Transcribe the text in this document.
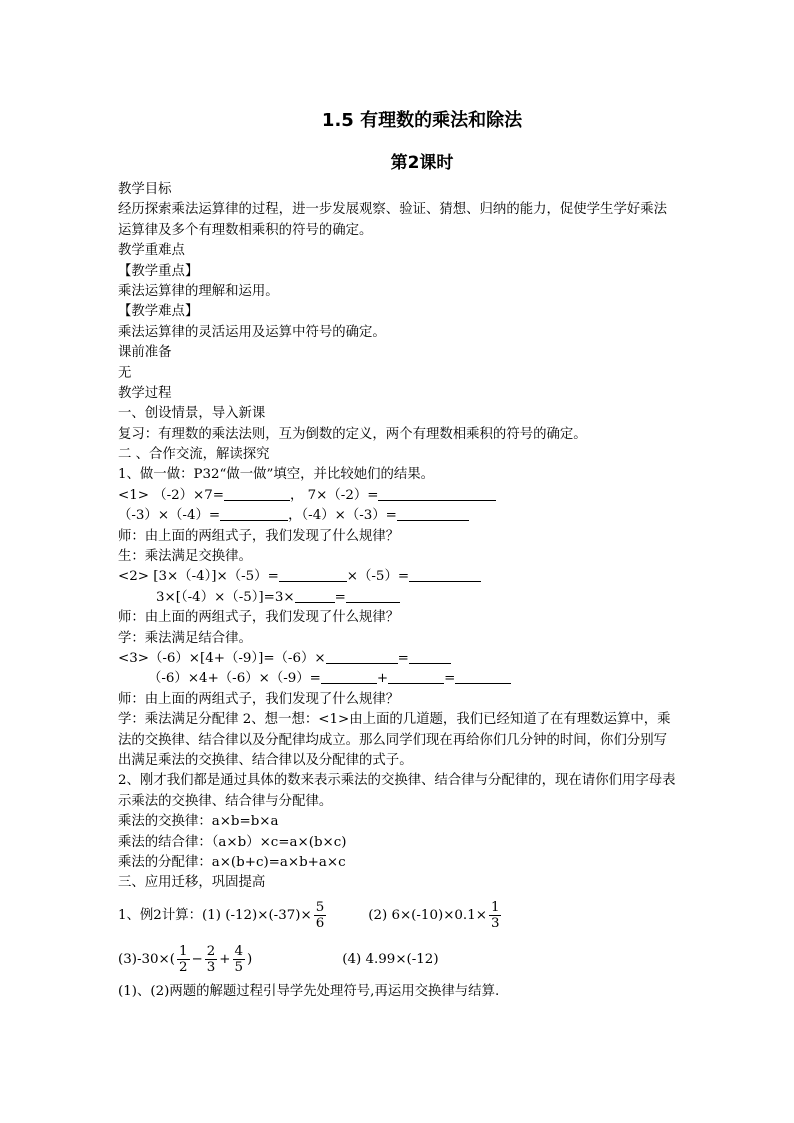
1.5 有理数的乘法和除法
第2课时
教学目标
经历探索乘法运算律的过程，进一步发展观察、验证、猜想、归纳的能力，促使学生学好乘法运算律及多个有理数相乘积的符号的确定。
教学重难点
【教学重点】
乘法运算律的理解和运用。
【教学难点】
乘法运算律的灵活运用及运算中符号的确定。
课前准备
无
教学过程
一、创设情景，导入新课
复习：有理数的乘法法则，互为倒数的定义，两个有理数相乘积的符号的确定。
二 、合作交流，解读探究
1、做一做：P32“做一做”填空，并比较她们的结果。
<1> （-2）×7=	， 7×（-2）=
（-3）×（-4）=	，（-4）×（-3）=
师：由上面的两组式子，我们发现了什么规律？
生：乘法满足交换律。
<2> [3×（-4）]×（-5）=	×（-5）=
3×[（-4）×（-5）]=3×	=
师：由上面的两组式子，我们发现了什么规律？
学：乘法满足结合律。
<3>（-6）×[4+（-9）]=（-6）×	=
（-6）×4+（-6）×（-9）=	+	=
师：由上面的两组式子，我们发现了什么规律？
学：乘法满足分配律 2、想一想：<1>由上面的几道题，我们已经知道了在有理数运算中，乘法的交换律、结合律以及分配律均成立。那么同学们现在再给你们几分钟的时间，你们分别写出满足乘法的交换律、结合律以及分配律的式子。
2、刚才我们都是通过具体的数来表示乘法的交换律、结合律与分配律的，现在请你们用字母表示乘法的交换律、结合律与分配律。
乘法的交换律：a×b=b×a
乘法的结合律：（a×b）×c=a×(b×c)
乘法的分配律：a×(b+c)=a×b+a×c
三、应用迁移，巩固提高
1、例2计算：(1) $(-12)\times(-37)\times \frac{5}{6}$	(2) $6\times(-10)\times 0.1\times \frac{1}{3}$
$(3)-30\times( \frac{1}{2} - \frac{2}{3} + \frac{4}{5}$ )	(4) 4.99×(-12)
(1)、(2)两题的解题过程引导学先处理符号,再运用交换律与结算.
